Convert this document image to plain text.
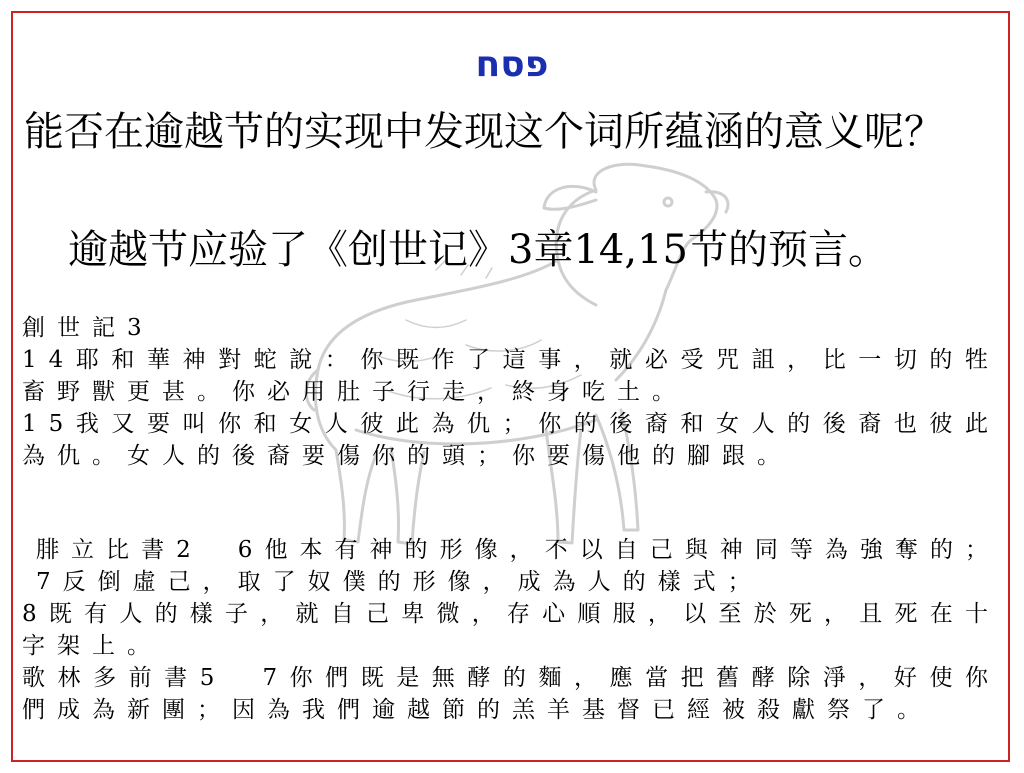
פסח
能否在逾越节的实现中发现这个词所蕴涵的意义呢？
逾越节应验了《创世记》3章14,15节的预言。
創世記3
14耶和華神對蛇說：你既作了這事，就必受咒詛，比一切的牲畜野獸更甚。你必用肚子行走，終身吃土。
15我又要叫你和女人彼此為仇；你的後裔和女人的後裔也彼此為仇。女人的後裔要傷你的頭；你要傷他的腳跟。
腓立比書2　6他本有神的形像，不以自己與神同等為強奪的；7反倒虛己，取了奴僕的形像，成為人的樣式；
8既有人的樣子，就自己卑微，存心順服，以至於死，且死在十字架上。
歌林多前書5　7你們既是無酵的麵，應當把舊酵除淨，好使你們成為新團；因為我們逾越節的羔羊基督已經被殺獻祭了。
